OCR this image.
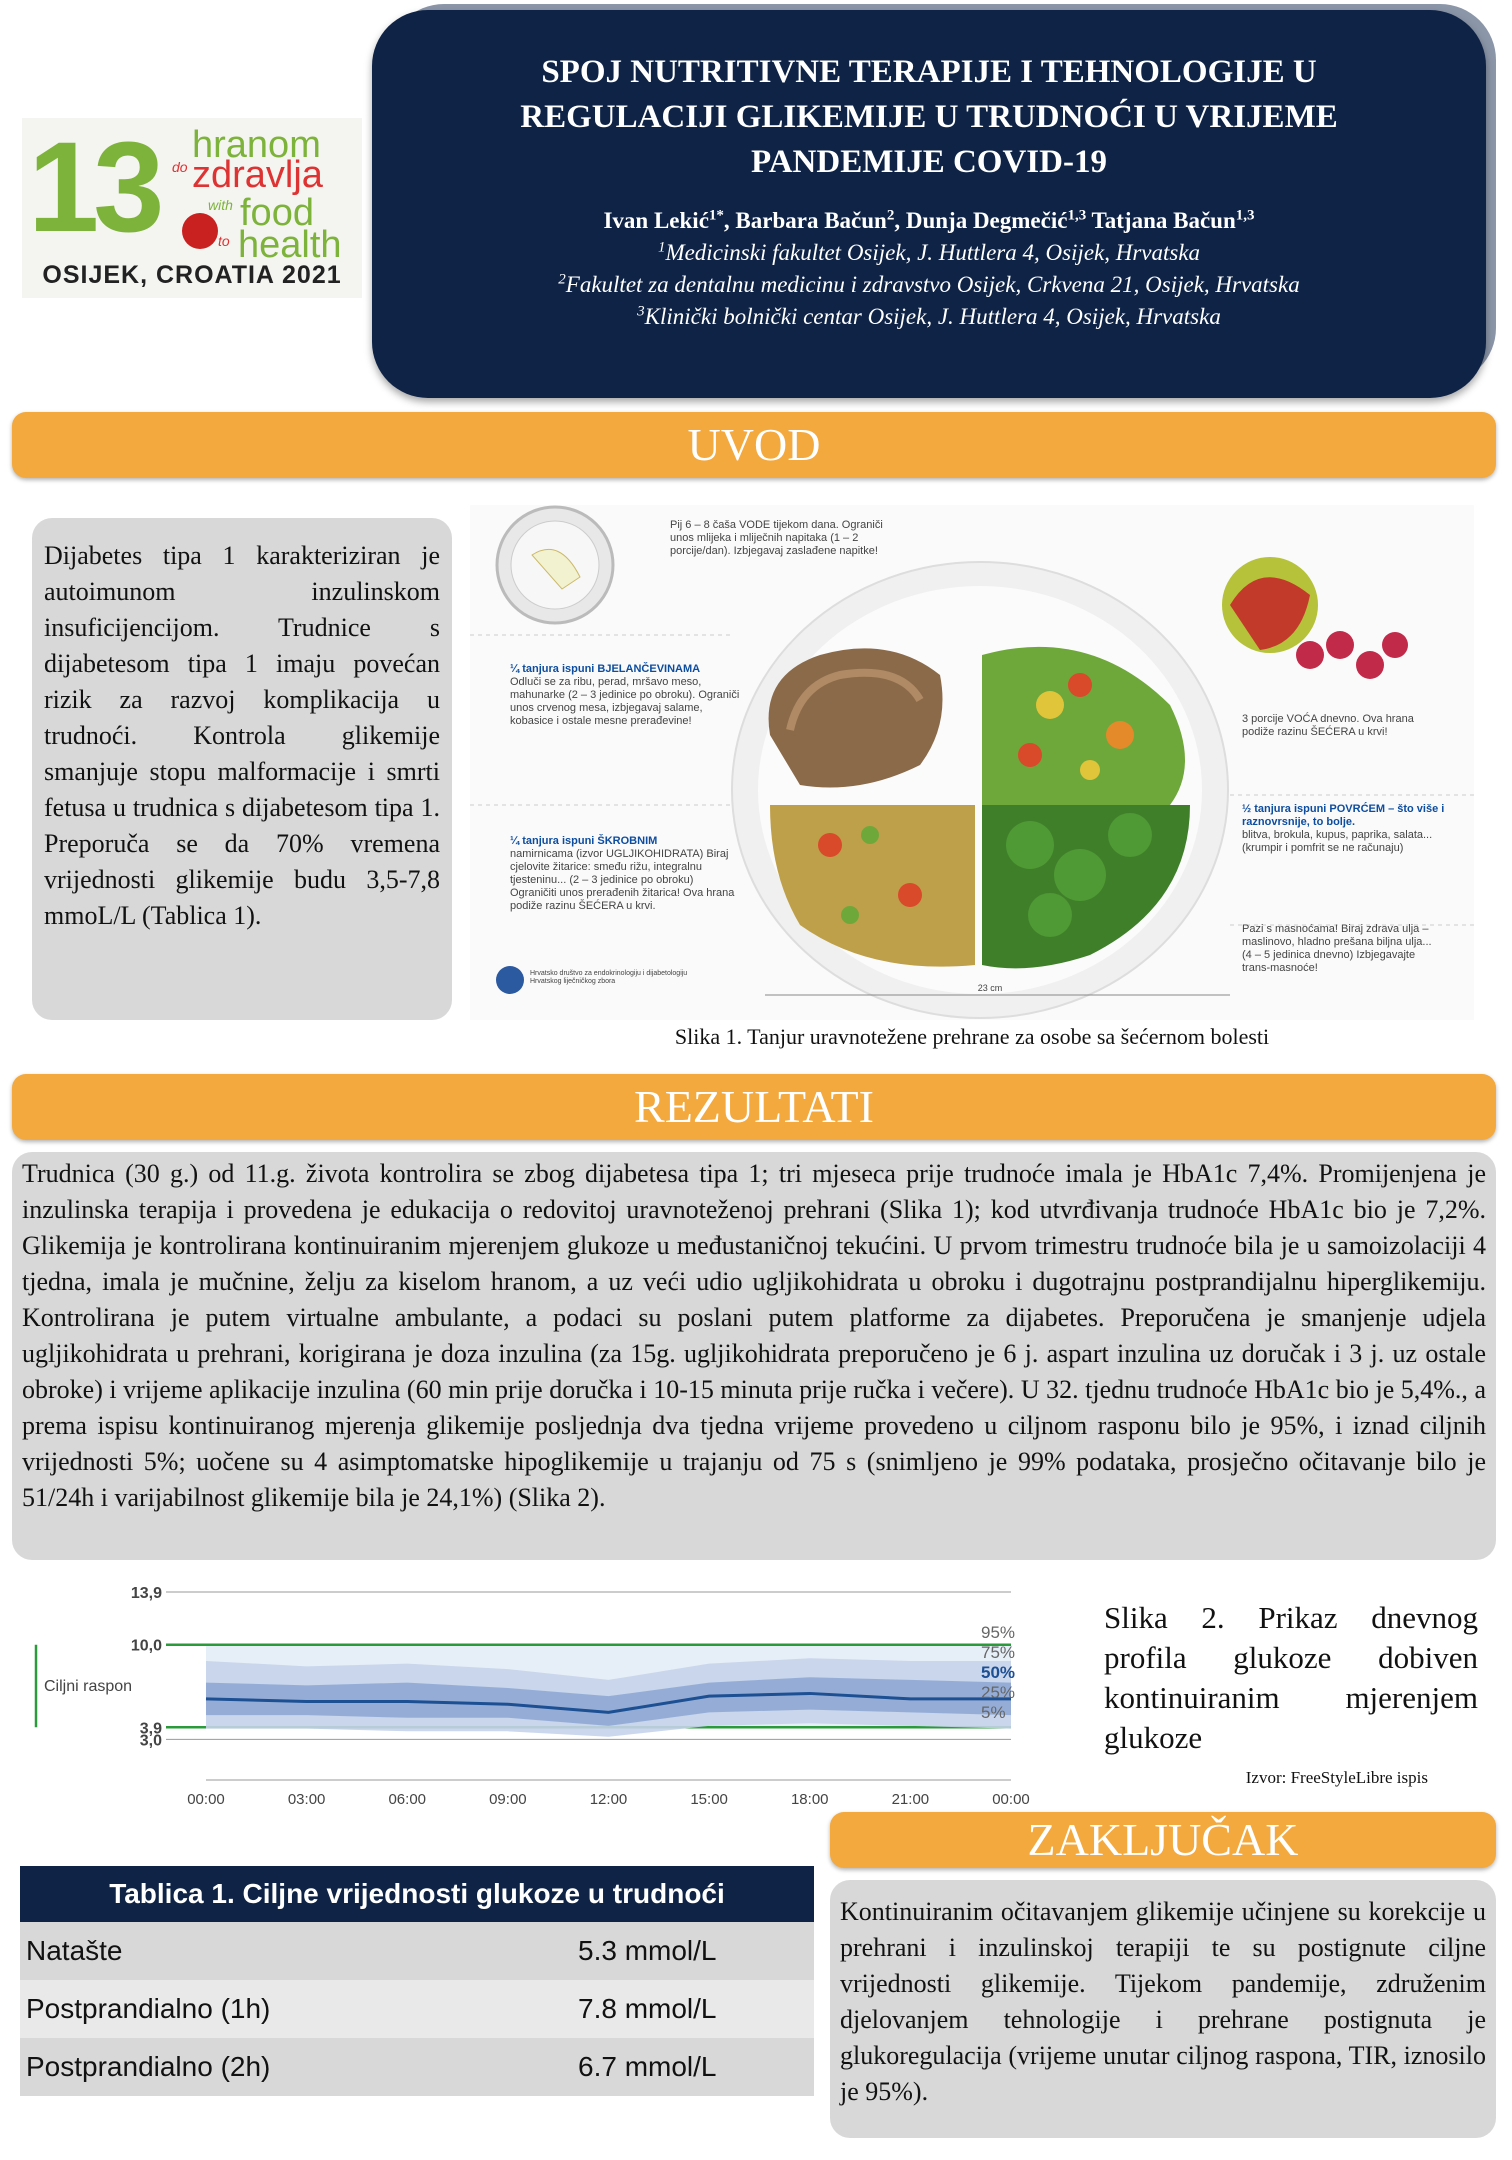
13 hranom
do zdravlja
with food
to health
OSIJEK, CROATIA 2021
SPOJ NUTRITIVNE TERAPIJE I TEHNOLOGIJE U REGULACIJI GLIKEMIJE U TRUDNOĆI U VRIJEME PANDEMIJE COVID-19
Ivan Lekić$^{1*}$, Barbara Bačun$^2$, Dunja Degmečić$^{1,3}$ Tatjana Bačun$^{1,3}$
$^1$Medicinski fakultet Osijek, J. Huttlera 4, Osijek, Hrvatska
$^2$Fakultet za dentalnu medicinu i zdravstvo Osijek, Crkvena 21, Osijek, Hrvatska
$^3$Klinički bolnički centar Osijek, J. Huttlera 4, Osijek, Hrvatska
UVOD
Dijabetes tipa 1 karakteriziran je autoimunom inzulinskom insuficijencijom. Trudnice s dijabetesom tipa 1 imaju povećan rizik za razvoj komplikacija u trudnoći. Kontrola glikemije smanjuje stopu malformacije i smrti fetusa u trudnica s dijabetesom tipa 1. Preporuča se da 70% vremena vrijednosti glikemije budu 3,5-7,8 mmoL/L (Tablica 1).
Pij 6 – 8 čaša VODE tijekom dana. Ograniči unos mlijeka i mliječnih napitaka (1 – 2 porcije/dan). Izbjegavaj zaslađene napitke!
¼ tanjura ispuni BJELANČEVINAMA
Odluči se za ribu, perad, mršavo meso, mahunarke (2 – 3 jedinice po obroku). Ograniči unos crvenog mesa, izbjegavaj salame, kobasice i ostale mesne prerađevine!	3 porcije VOĆA dnevno. Ova hrana podiže razinu ŠEĆERA u krvi!
½ tanjura ispuni POVRĆEM – što više i raznovrsnije, to bolje.
blitva, brokula, kupus, paprika, salata... (krumpir i pomfrit se ne računaju)
¼ tanjura ispuni ŠKROBNIM
namirnicama (izvor UGLJIKOHIDRATA) Biraj cjelovite žitarice: smeđu rižu, integralnu tjesteninu... (2 – 3 jedinice po obroku) Ograničiti unos prerađenih žitarica! Ova hrana podiže razinu ŠEĆERA u krvi.
Pazi s masnoćama! Biraj zdrava ulja – maslinovo, hladno prešana biljna ulja... (4 – 5 jedinica dnevno) Izbjegavajte trans-masnoće!
23 cm
Hrvatsko društvo za endokrinologiju i dijabetologiju Hrvatskog liječničkog zbora
Slika 1. Tanjur uravnotežene prehrane za osobe sa šećernom bolesti
REZULTATI
Trudnica (30 g.) od 11.g. života kontrolira se zbog dijabetesa tipa 1; tri mjeseca prije trudnoće imala je HbA1c 7,4%. Promijenjena je inzulinska terapija i provedena je edukacija o redovitoj uravnoteženoj prehrani (Slika 1); kod utvrđivanja trudnoće HbA1c bio je 7,2%. Glikemija je kontrolirana kontinuiranim mjerenjem glukoze u međustaničnoj tekućini. U prvom trimestru trudnoće bila je u samoizolaciji 4 tjedna, imala je mučnine, želju za kiselom hranom, a uz veći udio ugljikohidrata u obroku i dugotrajnu postprandijalnu hiperglikemiju. Kontrolirana je putem virtualne ambulante, a podaci su poslani putem platforme za dijabetes. Preporučena je smanjenje udjela ugljikohidrata u prehrani, korigirana je doza inzulina (za 15g. ugljikohidrata preporučeno je 6 j. aspart inzulina uz doručak i 3 j. uz ostale obroke) i vrijeme aplikacije inzulina (60 min prije doručka i 10-15 minuta prije ručka i večere). U 32. tjednu trudnoće HbA1c bio je 5,4%., a prema ispisu kontinuiranog mjerenja glikemije posljednja dva tjedna vrijeme provedeno u ciljnom rasponu bilo je 95%, i iznad ciljnih vrijednosti 5%; uočene su 4 asimptomatske hipoglikemije u trajanju od 75 s (snimljeno je 99% podataka, prosječno očitavanje bilo je 51/24h i varijabilnost glikemije bila je 24,1%) (Slika 2).
13,9
10,0
3,9
3,0
Ciljni raspon
00:00	03:00	06:00	09:00	12:00	15:00	18:00	21:00	00:00
95%
75%
50%
25%
5%
Slika 2. Prikaz dnevnog profila glukoze dobiven kontinuiranim mjerenjem glukoze
Izvor: FreeStyleLibre ispis
Tablica 1. Ciljne vrijednosti glukoze u trudnoći
Natašte	5.3 mmol/L
Postprandialno (1h)	7.8 mmol/L
Postprandialno (2h)	6.7 mmol/L
ZAKLJUČAK
Kontinuiranim očitavanjem glikemije učinjene su korekcije u prehrani i inzulinskoj terapiji te su postignute ciljne vrijednosti glikemije. Tijekom pandemije, združenim djelovanjem tehnologije i prehrane postignuta je glukoregulacija (vrijeme unutar ciljnog raspona, TIR, iznosilo je 95%).
